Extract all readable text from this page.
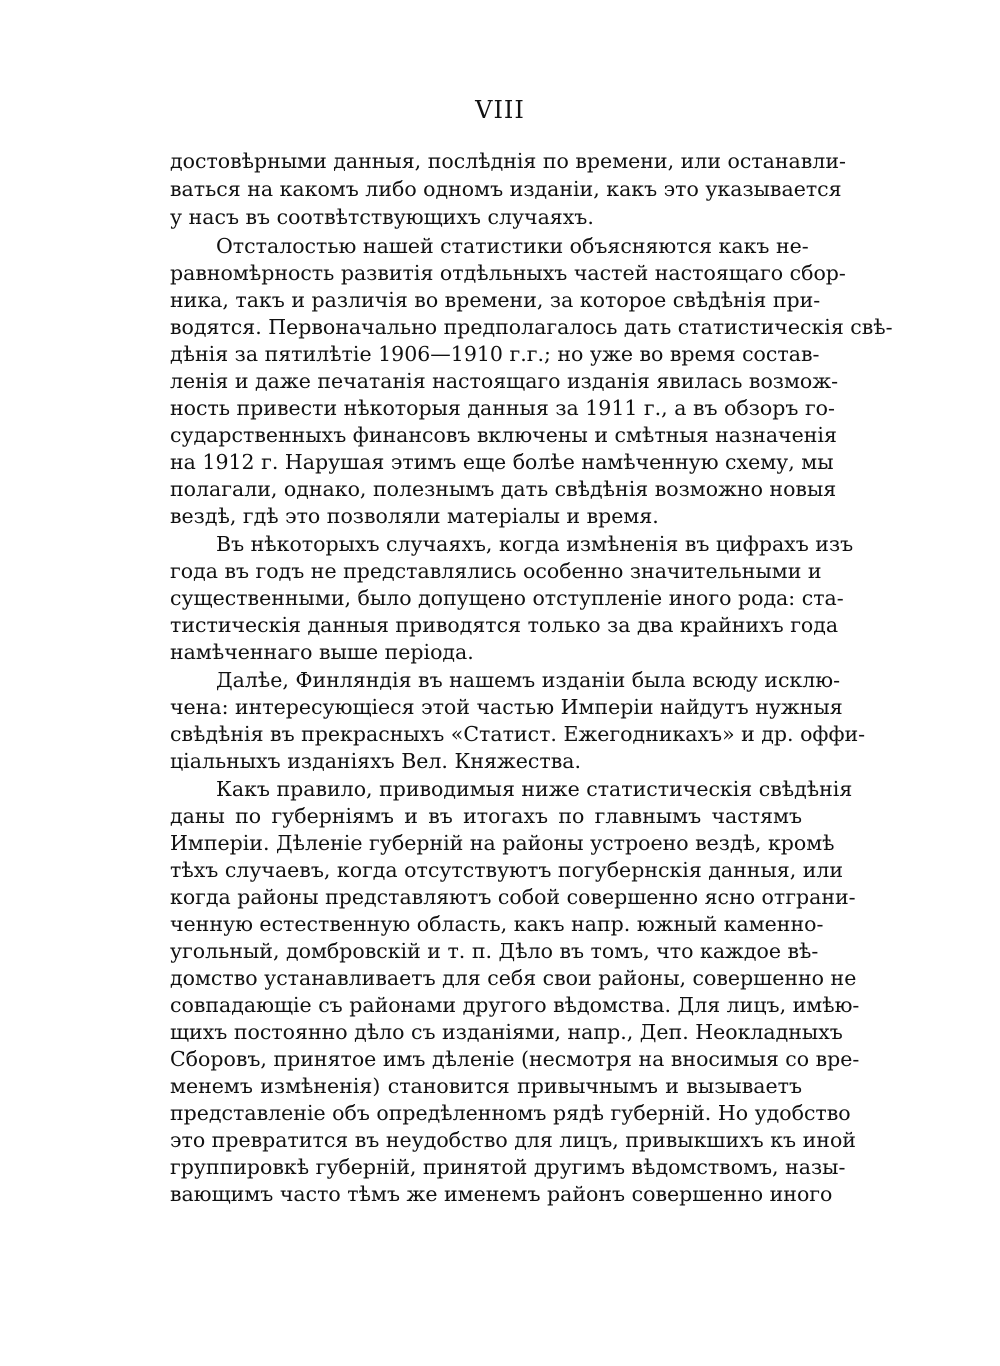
VIII
достовѣрными данныя, послѣднія по времени, или останавли-
ваться на какомъ либо одномъ изданіи, какъ это указывается
у насъ въ соотвѣтствующихъ случаяхъ.
Отсталостью нашей статистики объясняются какъ не-
равномѣрность развитія отдѣльныхъ частей настоящаго сбор-
ника, такъ и различія во времени, за которое свѣдѣнія при-
водятся. Первоначально предполагалось дать статистическія свѣ-
дѣнія за пятилѣтіе 1906—1910 г.г.; но уже во время состав-
ленія и даже печатанія настоящаго изданія явилась возмож-
ность привести нѣкоторыя данныя за 1911 г., а въ обзоръ го-
сударственныхъ финансовъ включены и смѣтныя назначенія
на 1912 г. Нарушая этимъ еще болѣе намѣченную схему, мы
полагали, однако, полезнымъ дать свѣдѣнія возможно новыя
вездѣ, гдѣ это позволяли матеріалы и время.
Въ нѣкоторыхъ случаяхъ, когда измѣненія въ цифрахъ изъ
года въ годъ не представлялись особенно значительными и
существенными, было допущено отступленіе иного рода: ста-
тистическія данныя приводятся только за два крайнихъ года
намѣченнаго выше періода.
Далѣе, Финляндія въ нашемъ изданіи была всюду исклю-
чена: интересующіеся этой частью Имперіи найдутъ нужныя
свѣдѣнія въ прекрасныхъ «Статист. Ежегодникахъ» и др. оффи-
ціальныхъ изданіяхъ Вел. Княжества.
Какъ правило, приводимыя ниже статистическія свѣдѣнія
даны по губерніямъ и въ итогахъ по главнымъ частямъ
Имперіи. Дѣленіе губерній на районы устроено вездѣ, кромѣ
тѣхъ случаевъ, когда отсутствуютъ погубернскія данныя, или
когда районы представляютъ собой совершенно ясно отграни-
ченную естественную область, какъ напр. южный каменно-
угольный, домбровскій и т. п. Дѣло въ томъ, что каждое вѣ-
домство устанавливаетъ для себя свои районы, совершенно не
совпадающіе съ районами другого вѣдомства. Для лицъ, имѣю-
щихъ постоянно дѣло съ изданіями, напр., Деп. Неокладныхъ
Сборовъ, принятое имъ дѣленіе (несмотря на вносимыя со вре-
менемъ измѣненія) становится привычнымъ и вызываетъ
представленіе объ опредѣленномъ рядѣ губерній. Но удобство
это превратится въ неудобство для лицъ, привыкшихъ къ иной
группировкѣ губерній, принятой другимъ вѣдомствомъ, назы-
вающимъ часто тѣмъ же именемъ районъ совершенно иного
